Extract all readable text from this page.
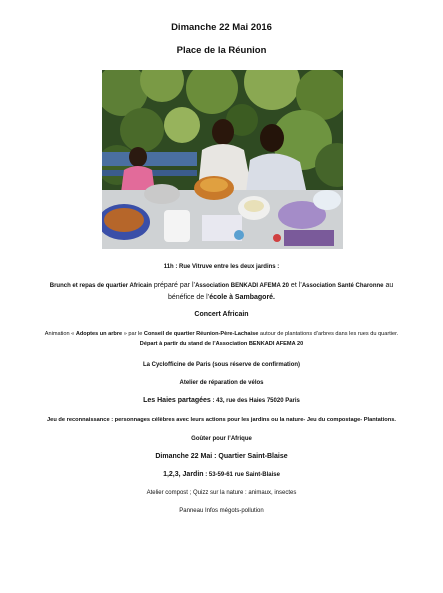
Dimanche 22 Mai 2016
Place de la Réunion
11h : Rue Vitruve entre les deux jardins :
Brunch et repas de quartier Africain préparé par l’Association BENKADI AFEMA 20 et l’Association Santé Charonne au
bénéfice de l’école à Sambagoré.
Concert Africain
Animation « Adoptes un arbre » par le Conseil de quartier Réunion-Père-Lachaise autour de plantations d’arbres dans les rues du quartier.
Départ à partir du stand de l’Association BENKADI AFEMA 20
La Cyclofficine de Paris (sous réserve de confirmation)
Atelier de réparation de vélos
Les Haies partagées : 43, rue des Haies 75020 Paris
Jeu de reconnaissance : personnages célèbres avec leurs actions pour les jardins ou la nature- Jeu du compostage- Plantations.
Goûter pour l’Afrique
Dimanche 22 Mai : Quartier Saint-Blaise
1,2,3, Jardin : 53-59-61 rue Saint-Blaise
Atelier compost ; Quizz sur la nature : animaux, insectes
Panneau Infos mégots-pollution
